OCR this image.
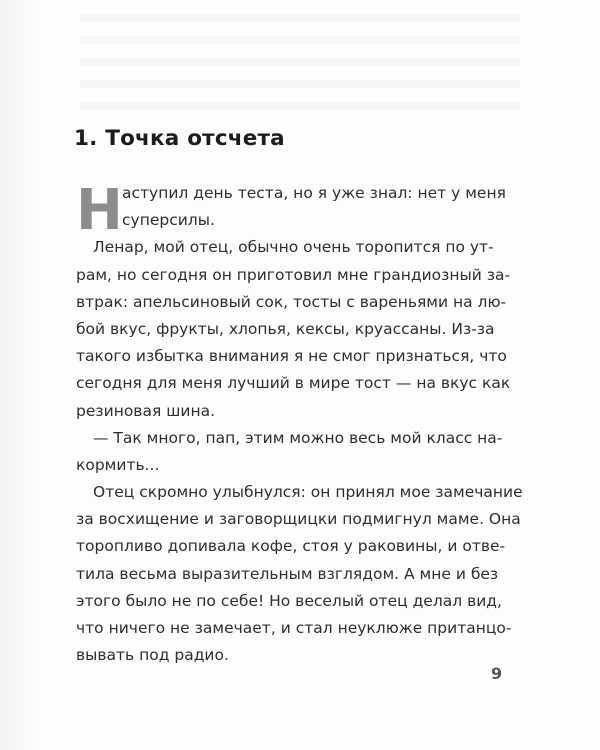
1. Точка отсчета
Н аступил день теста, но я уже знал: нет у меня
суперсилы.
Ленар, мой отец, обычно очень торопится по ут-
рам, но сегодня он приготовил мне грандиозный за-
втрак: апельсиновый сок, тосты с вареньями на лю-
бой вкус, фрукты, хлопья, кексы, круассаны. Из-за
такого избытка внимания я не смог признаться, что
сегодня для меня лучший в мире тост — на вкус как
резиновая шина.
— Так много, пап, этим можно весь мой класс на-
кормить...
Отец скромно улыбнулся: он принял мое замечание
за восхищение и заговорщицки подмигнул маме. Она
торопливо допивала кофе, стоя у раковины, и отве-
тила весьма выразительным взглядом. А мне и без
этого было не по себе! Но веселый отец делал вид,
что ничего не замечает, и стал неуклюже пританцо-
вывать под радио.
9
